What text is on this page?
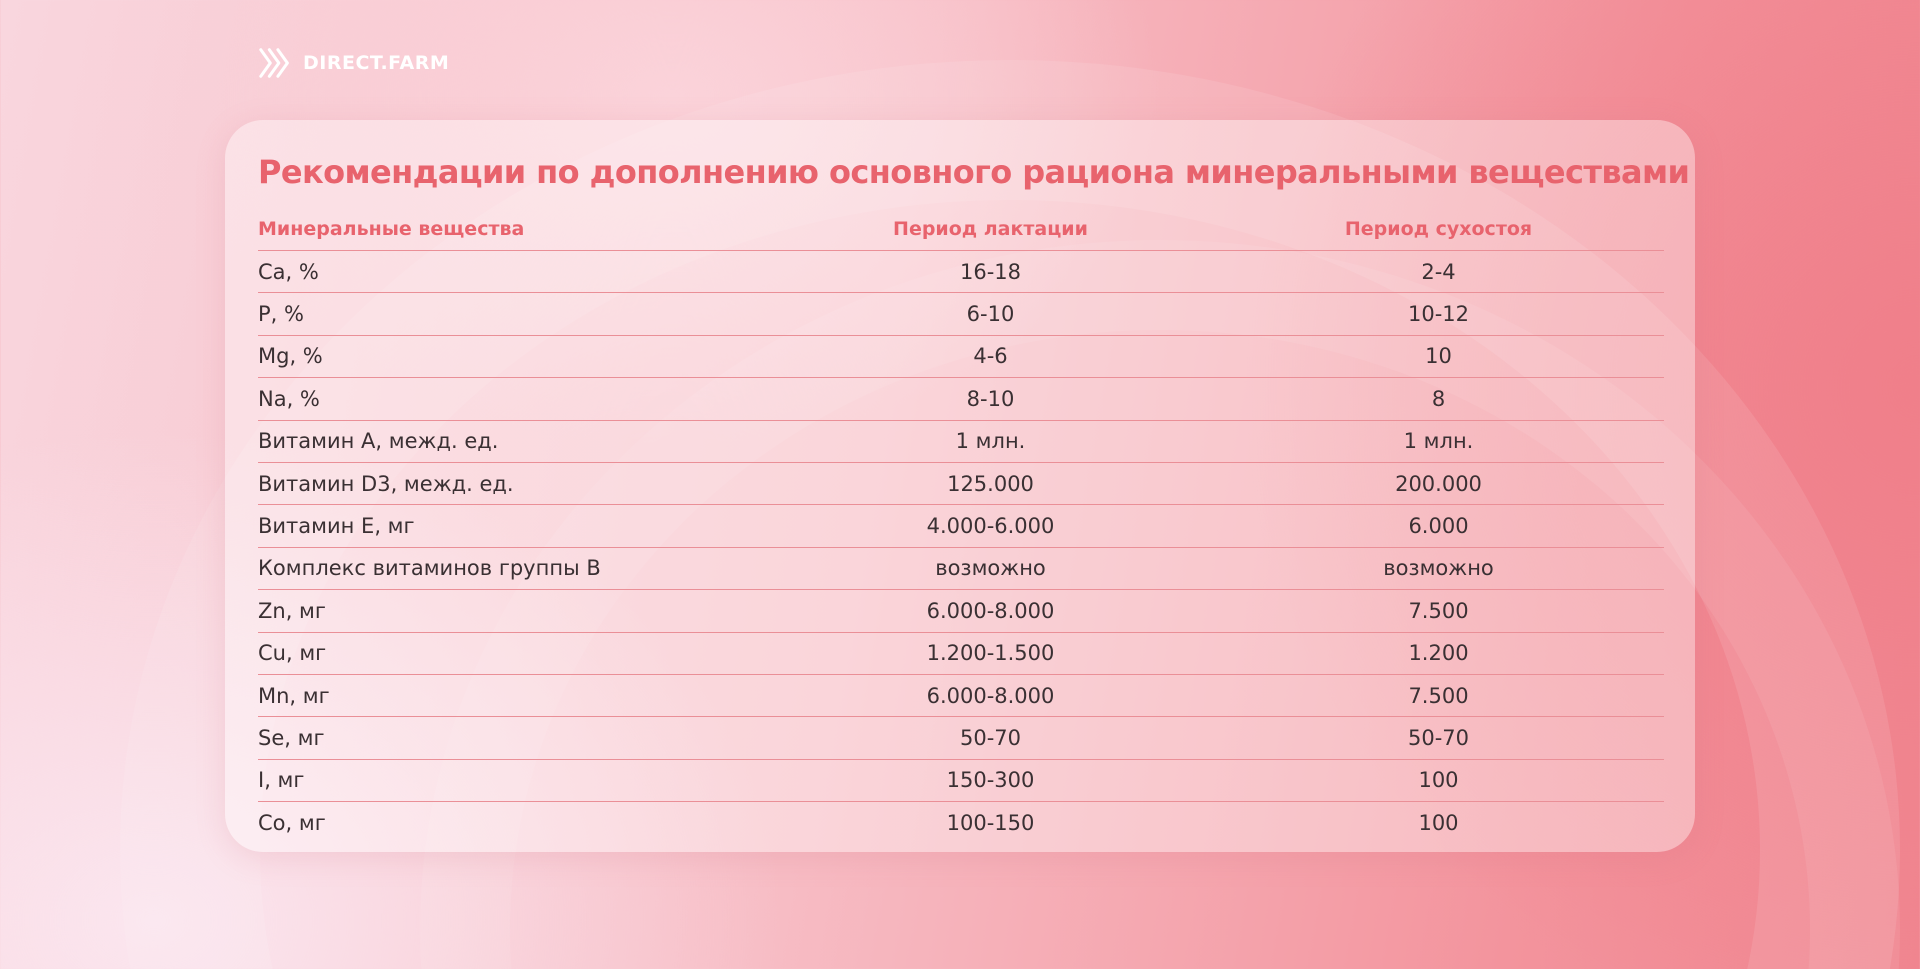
DIRECT.FARM
Рекомендации по дополнению основного рациона минеральными веществами
Минеральные вещества	Период лактации	Период сухостоя
Ca, %	16-18	2-4
P, %	6-10	10-12
Mg, %	4-6	10
Na, %	8-10	8
Витамин А, межд. ед.	1 млн.	1 млн.
Витамин D3, межд. ед.	125.000	200.000
Витамин Е, мг	4.000-6.000	6.000
Комплекс витаминов группы В	возможно	возможно
Zn, мг	6.000-8.000	7.500
Cu, мг	1.200-1.500	1.200
Mn, мг	6.000-8.000	7.500
Se, мг	50-70	50-70
I, мг	150-300	100
Co, мг	100-150	100
